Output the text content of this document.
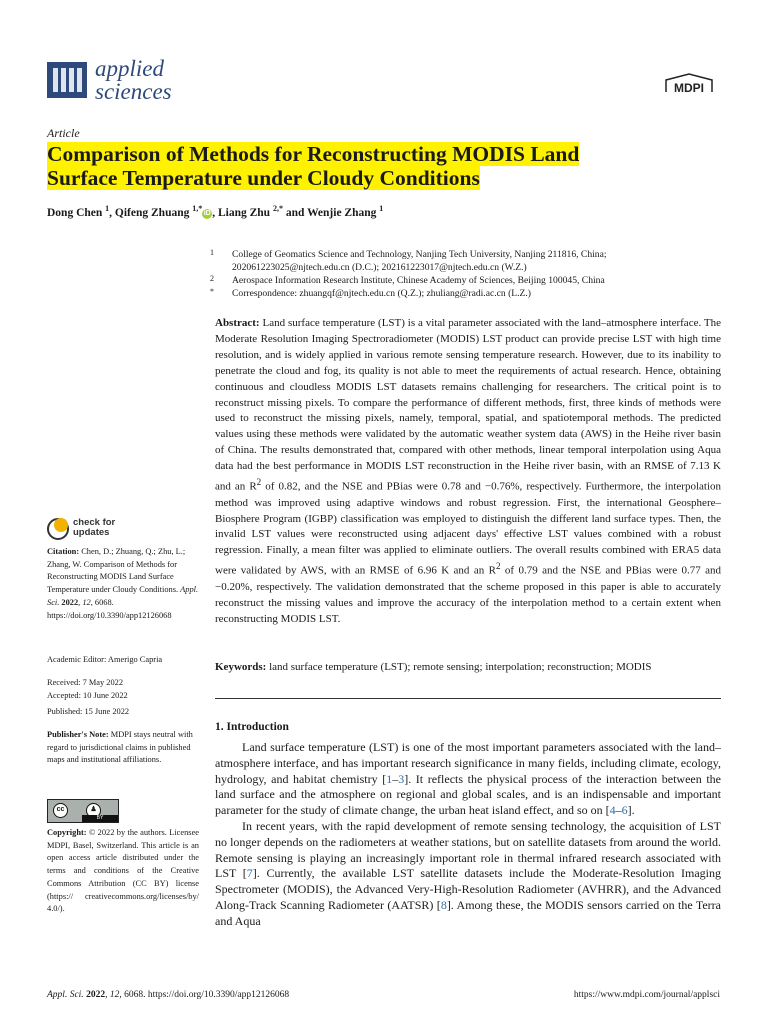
applied
sciences	MDPI
Article
Comparison of Methods for Reconstructing MODIS Land
Surface Temperature under Cloudy Conditions
Dong Chen $^1$, Qifeng Zhuang $^{1,*}$iD , Liang Zhu $^{2,*}$ and Wenjie Zhang $^1$
1 College of Geomatics Science and Technology, Nanjing Tech University, Nanjing 211816, China; 202061223025@njtech.edu.cn (D.C.); 202161223017@njtech.edu.cn (W.Z.)
2 Aerospace Information Research Institute, Chinese Academy of Sciences, Beijing 100045, China
* Correspondence: zhuangqf@njtech.edu.cn (Q.Z.); zhuliang@radi.ac.cn (L.Z.)
Abstract: Land surface temperature (LST) is a vital parameter associated with the land–atmosphere interface. The Moderate Resolution Imaging Spectroradiometer (MODIS) LST product can provide precise LST with high time resolution, and is widely applied in various remote sensing temperature research. However, due to its inability to penetrate the cloud and fog, its quality is not able to meet the requirements of actual research. Hence, obtaining continuous and cloudless MODIS LST datasets remains challenging for researchers. The critical point is to reconstruct missing pixels. To compare the performance of different methods, first, three kinds of methods were used to reconstruct the missing pixels, namely, temporal, spatial, and spatiotemporal methods. The predicted values using these methods were validated by the automatic weather system data (AWS) in the Heihe river basin of China. The results demonstrated that, compared with other methods, linear temporal interpolation using Aqua data had the best performance in MODIS LST reconstruction in the Heihe river basin, with an RMSE of 7.13 K and an $R^2$ of 0.82, and the NSE and PBias were 0.78 and −0.76%, respectively. Furthermore, the interpolation method was improved using adaptive windows and robust regression. First, the international Geosphere–Biosphere Program (IGBP) classification was employed to distinguish the different land surface types. Then, the invalid LST values were reconstructed using adjacent days' effective LST values combined with a robust regression. Finally, a mean filter was applied to eliminate outliers. The overall results combined with ERA5 data were validated by AWS, with an RMSE of 6.96 K and an $R^2$ of 0.79 and the NSE and PBias were 0.77 and −0.20%, respectively. The validation demonstrated that the scheme proposed in this paper is able to accurately reconstruct the missing values and improve the accuracy of the interpolation method to a certain extent when reconstructing MODIS LST.
Keywords: land surface temperature (LST); remote sensing; interpolation; reconstruction; MODIS
1. Introduction

Land surface temperature (LST) is one of the most important parameters associated with the land–atmosphere interface, and has important research significance in many fields, including climate, ecology, hydrology, and habitat chemistry [1–3]. It reflects the physical process of the interaction between the land surface and the atmosphere on regional and global scales, and is an indispensable and important parameter for the study of climate change, the urban heat island effect, and so on [4–6].

In recent years, with the rapid development of remote sensing technology, the acquisition of LST no longer depends on the radiometers at weather stations, but on satellite datasets from around the world. Remote sensing is playing an increasingly important role in thermal infrared research associated with LST [7]. Currently, the available LST satellite datasets include the Moderate-Resolution Imaging Spectrometer (MODIS), the Advanced Very-High-Resolution Radiometer (AVHRR), and the Advanced Along-Track Scanning Radiometer (AATSR) [8]. Among these, the MODIS sensors carried on the Terra and Aqua

check for
updates
Citation: Chen, D.; Zhuang, Q.; Zhu, L.; Zhang, W. Comparison of Methods for Reconstructing MODIS Land Surface Temperature under Cloudy Conditions. Appl. Sci. 2022, 12, 6068. https://doi.org/10.3390/app12126068
Academic Editor: Amerigo Capria
Received: 7 May 2022
Accepted: 10 June 2022
Published: 15 June 2022
Publisher's Note: MDPI stays neutral with regard to jurisdictional claims in published maps and institutional affiliations.
cc	♟
BY
Copyright: © 2022 by the authors. Licensee MDPI, Basel, Switzerland. This article is an open access article distributed under the terms and conditions of the Creative Commons Attribution (CC BY) license (https:// creativecommons.org/licenses/by/ 4.0/).
Appl. Sci. 2022, 12, 6068. https://doi.org/10.3390/app12126068	https://www.mdpi.com/journal/applsci
